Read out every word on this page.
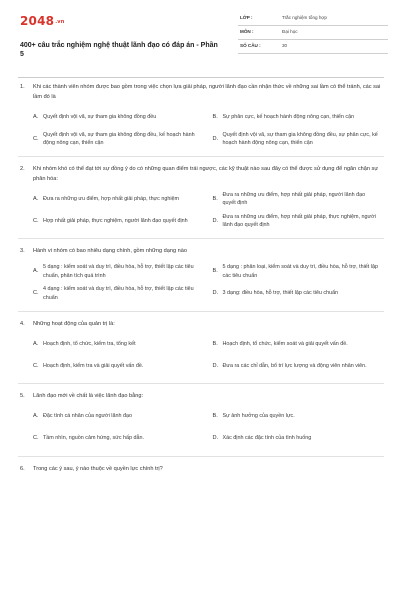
2048.vn
400+ câu trắc nghiệm nghệ thuật lãnh đạo có đáp án - Phần 5
LỚP :	Trắc nghiệm tổng hợp
MÔN :	Đại học
SỐ CÂU :	30
1. Khi các thành viên nhóm được bao gồm trong việc chọn lựa giải pháp, người lãnh đạo cần nhận thức về những sai lầm có thể tránh, các sai lầm đó là
A. Quyết định vội vã, sự tham gia không đồng đều	B. Sự phân cực, kế hoạch hành động nông cạn, thiển cận
C.
Quyết định vội vã, sự tham gia không đồng đều, kế hoạch hành động nông cạn, thiển cận
D.
Quyết định vội vã, sự tham gia không đồng đều, sự phân cực, kế hoạch hành động nông cạn, thiển cận
2. Khi nhóm khó có thể đạt tới sự đồng ý do có những quan điểm trái ngược, các kỹ thuật nào sau đây có thể được sử dụng để ngăn chặn sự phân hóa:
A. Đưa ra những ưu điểm, hợp nhất giải pháp, thực nghiệm	B.
Đưa ra những ưu điểm, hợp nhất giải pháp, người lãnh đạo quyết định
C. Hợp nhất giải pháp, thực nghiệm, người lãnh đạo quyết định	D.
Đưa ra những ưu điểm, hợp nhất giải pháp, thực nghiệm, người lãnh đạo quyết định
3. Hành vi nhóm có bao nhiêu dạng chính, gồm những dạng nào
A.
5 dạng : kiểm soát và duy trì, điều hòa, hỗ trợ, thiết lập các tiêu chuẩn, phân tích quá trình
B.
5 dạng : phân loại, kiểm soát và duy trì, điều hòa, hỗ trợ, thiết lập các tiêu chuẩn
C.
4 dạng : kiểm soát và duy trì, điều hòa, hỗ trợ, thiết lập các tiêu chuẩn
D. 3 dạng: điều hòa, hỗ trợ, thiết lập các tiêu chuẩn
4. Những hoạt động của quản trị là:
A. Hoạch định, tổ chức, kiểm tra, tổng kết	B. Hoạch định, tổ chức, kiểm soát và giải quyết vấn đề.
C. Hoạch định, kiểm tra và giải quyết vấn đề.	D. Đưa ra các chỉ dẫn, bổ trí lực lượng và động viên nhân viên.
5. Lãnh đạo mới về chất là việc lãnh đạo bằng:
A. Đặc tính cá nhân của người lãnh đạo	B. Sự ảnh hưởng của quyền lực.
C. Tầm nhìn, nguồn cảm hứng, sức hấp dẫn.	D. Xác định các đặc tính của tình huống
6. Trong các ý sau, ý nào thuộc về quyền lực chính trị?
